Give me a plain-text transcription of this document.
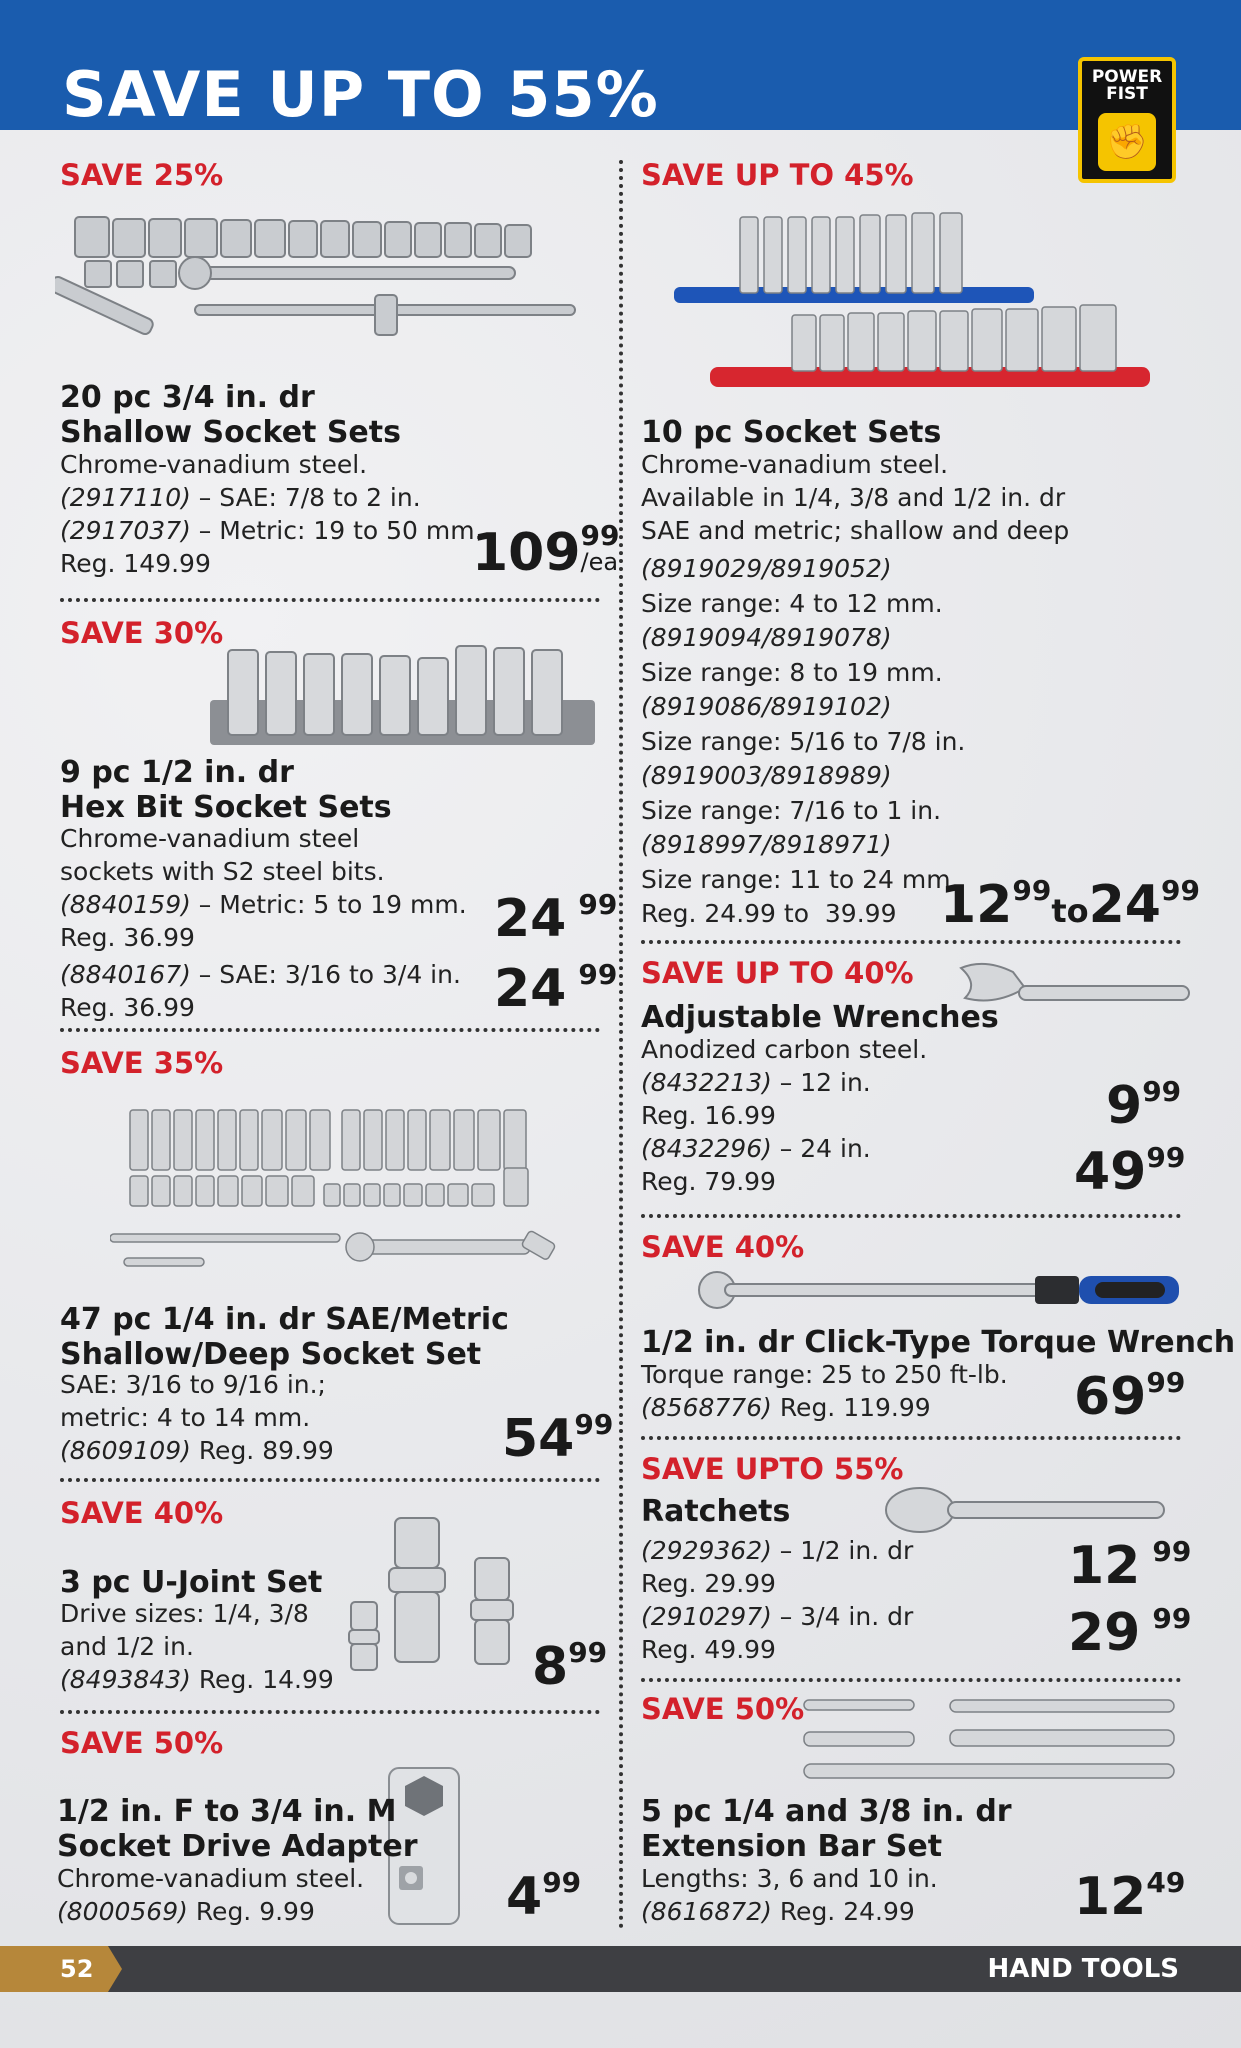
SAVE UP TO 55%	POWER FIST
✊
SAVE 25%
20 pc 3/4 in. dr
Shallow Socket Sets
Chrome-vanadium steel.
(2917110) – SAE: 7/8 to 2 in.
(2917037) – Metric: 19 to 50 mm.
Reg. 149.99	109 99
/ea
SAVE 30%
9 pc 1/2 in. dr
Hex Bit Socket Sets
Chrome-vanadium steel
sockets with S2 steel bits.
(8840159) – Metric: 5 to 19 mm.
Reg. 36.99	24 99
(8840167) – SAE: 3/16 to 3/4 in.
Reg. 36.99	24 99
SAVE 35%
47 pc 1/4 in. dr SAE/Metric
Shallow/Deep Socket Set
SAE: 3/16 to 9/16 in.;
metric: 4 to 14 mm.
(8609109) Reg. 89.99	5499
SAVE 40%
3 pc U-Joint Set
Drive sizes: 1/4, 3/8
and 1/2 in.
(8493843) Reg. 14.99	899
SAVE 50%
1/2 in. F to 3/4 in. M
Socket Drive Adapter
Chrome-vanadium steel.
(8000569) Reg. 9.99	499
SAVE UP TO 45%
10 pc Socket Sets
Chrome-vanadium steel.
Available in 1/4, 3/8 and 1/2 in. dr
SAE and metric; shallow and deep
(8919029/8919052)
Size range: 4 to 12 mm.
(8919094/8919078)
Size range: 8 to 19 mm.
(8919086/8919102)
Size range: 5/16 to 7/8 in.
(8919003/8918989)
Size range: 7/16 to 1 in.
(8918997/8918971)
Size range: 11 to 24 mm.
Reg. 24.99 to  39.99 1299to2499
SAVE UP TO 40%
Adjustable Wrenches
Anodized carbon steel.
(8432213) – 12 in.
Reg. 16.99
(8432296) – 24 in.
Reg. 79.99
999
4999
SAVE 40%
1/2 in. dr Click-Type Torque Wrench
Torque range: 25 to 250 ft-lb.
(8568776) Reg. 119.99	6999
SAVE UPTO 55%
Ratchets
(2929362) – 1/2 in. dr
Reg. 29.99
(2910297) – 3/4 in. dr
Reg. 49.99
12 99
29 99
SAVE 50%
5 pc 1/4 and 3/8 in. dr
Extension Bar Set
Lengths: 3, 6 and 10 in.
(8616872) Reg. 24.99	1249
52	HAND TOOLS
